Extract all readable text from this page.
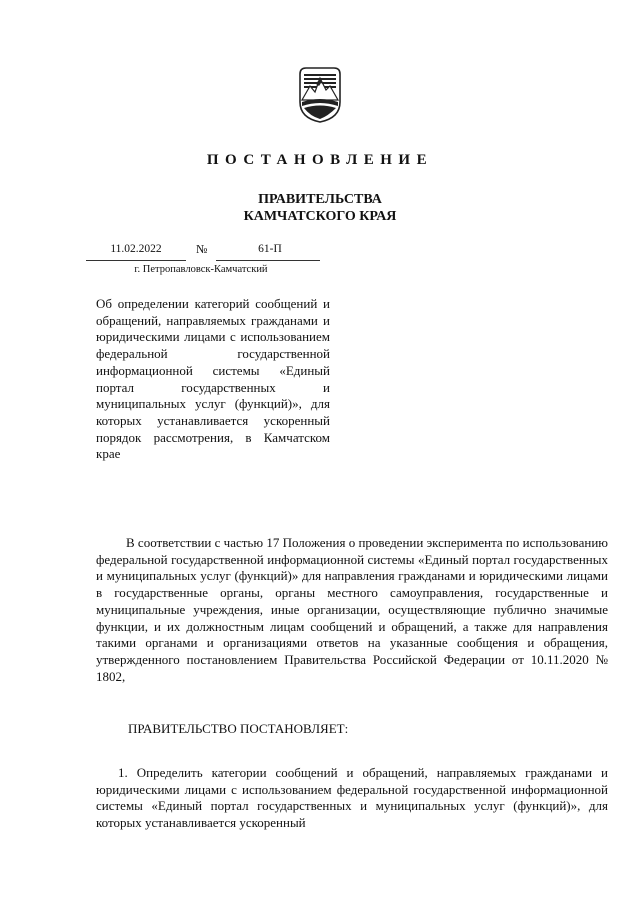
ПОСТАНОВЛЕНИЕ
ПРАВИТЕЛЬСТВА
КАМЧАТСКОГО КРАЯ
11.02.2022	№	61-П
г. Петропавловск-Камчатский
Об определении категорий сообщений и обращений, направляемых гражданами и юридическими лицами с использованием федеральной государственной информационной системы «Единый портал государственных и муниципальных услуг (функций)», для которых устанавливается ускоренный порядок рассмотрения, в Камчатском крае

В соответствии с частью 17 Положения о проведении эксперимента по использованию федеральной государственной информационной системы «Единый портал государственных и муниципальных услуг (функций)» для направления гражданами и юридическими лицами в государственные органы, органы местного самоуправления, государственные и муниципальные учреждения, иные организации, осуществляющие публично значимые функции, и их должностным лицам сообщений и обращений, а также для направления такими органами и организациями ответов на указанные сообщения и обращения, утвержденного постановлением Правительства Российской Федерации от 10.11.2020 № 1802,

ПРАВИТЕЛЬСТВО ПОСТАНОВЛЯЕТ:

1. Определить категории сообщений и обращений, направляемых гражданами и юридическими лицами с использованием федеральной государственной информационной системы «Единый портал государственных и муниципальных услуг (функций)», для которых устанавливается ускоренный
